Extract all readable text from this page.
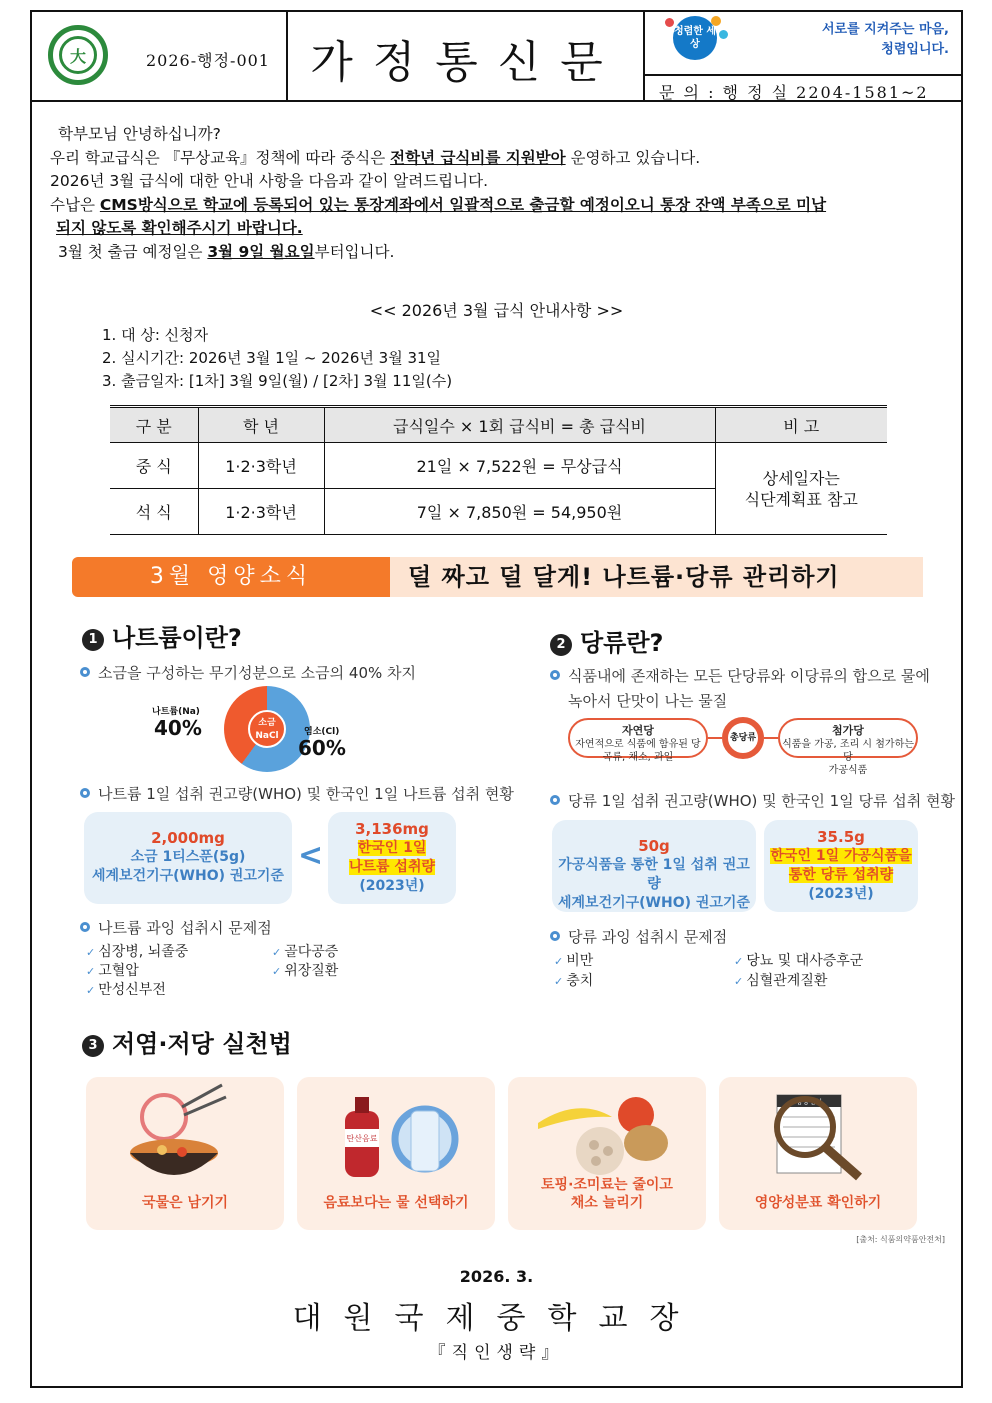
大	2026-행정-001 가정통신문
청렴한 세상
서로를 지켜주는 마음, 청렴입니다.
문 의 : 행 정 실 2204-1581~2

학부모님 안녕하십니까?

우리 학교급식은 『무상교육』정책에 따라 중식은 전학년 급식비를 지원받아 운영하고 있습니다.

2026년 3월 급식에 대한 안내 사항을 다음과 같이 알려드립니다.

수납은 CMS방식으로 학교에 등록되어 있는 통장계좌에서 일괄적으로 출금할 예정이오니 통장 잔액 부족으로 미납

되지 않도록 확인해주시기 바랍니다.

3월 첫 출금 예정일은 3월 9일 월요일부터입니다.

<< 2026년 3월 급식 안내사항 >>

1. 대 상: 신청자

2. 실시기간: 2026년 3월 1일 ~ 2026년 3월 31일

3. 출금일자: [1차] 3월 9일(월) / [2차] 3월 11일(수)

구 분	학 년	급식일수 × 1회 급식비 = 총 급식비	비 고
중 식	1·2·3학년	21일 × 7,522원 = 무상급식	상세일자는
식단계획표 참고

석 식	1·2·3학년	7일 × 7,850원 = 54,950원	
3월 영양소식	덜 짜고 덜 달게! 나트륨·당류 관리하기
1 나트륨이란?
소금을 구성하는 무기성분으로 소금의 40% 차지
나트륨(Na)
40%	소금
NaCl	염소(Cl)
60%
나트륨 1일 섭취 권고량(WHO) 및 한국인 1일 나트륨 섭취 현황
2,000mg
소금 1티스푼(5g)
세계보건기구(WHO) 권고기준
<
3,136mg
한국인 1일
나트륨 섭취량
(2023년)
나트륨 과잉 섭취시 문제점
✓ 심장병, 뇌졸중
✓ 고혈압
✓ 만성신부전
✓ 골다공증
✓ 위장질환
2 당류란?
식품내에 존재하는 모든 단당류와 이당류의 합으로 물에
녹아서 단맛이 나는 물질
자연당
자연적으로 식품에 함유된 당
곡류, 채소, 과일
총당류
첨가당
식품을 가공, 조리 시 첨가하는 당
가공식품
당류 1일 섭취 권고량(WHO) 및 한국인 1일 당류 섭취 현황
50g
가공식품을 통한 1일 섭취 권고량
세계보건기구(WHO) 권고기준
35.5g
한국인 1일 가공식품을
통한 당류 섭취량
(2023년)
당류 과잉 섭취시 문제점
✓ 비만
✓ 충치
✓ 당뇨 및 대사증후군
✓ 심혈관계질환
3 저염·저당 실천법
국물은 남기기
탄산음료
음료보다는 물 선택하기
토핑·조미료는 줄이고
채소 늘리기
영양정보
영양성분표 확인하기
[출처: 식품의약품안전처]
2026. 3.
대원국제중학교장
『직인생략』
